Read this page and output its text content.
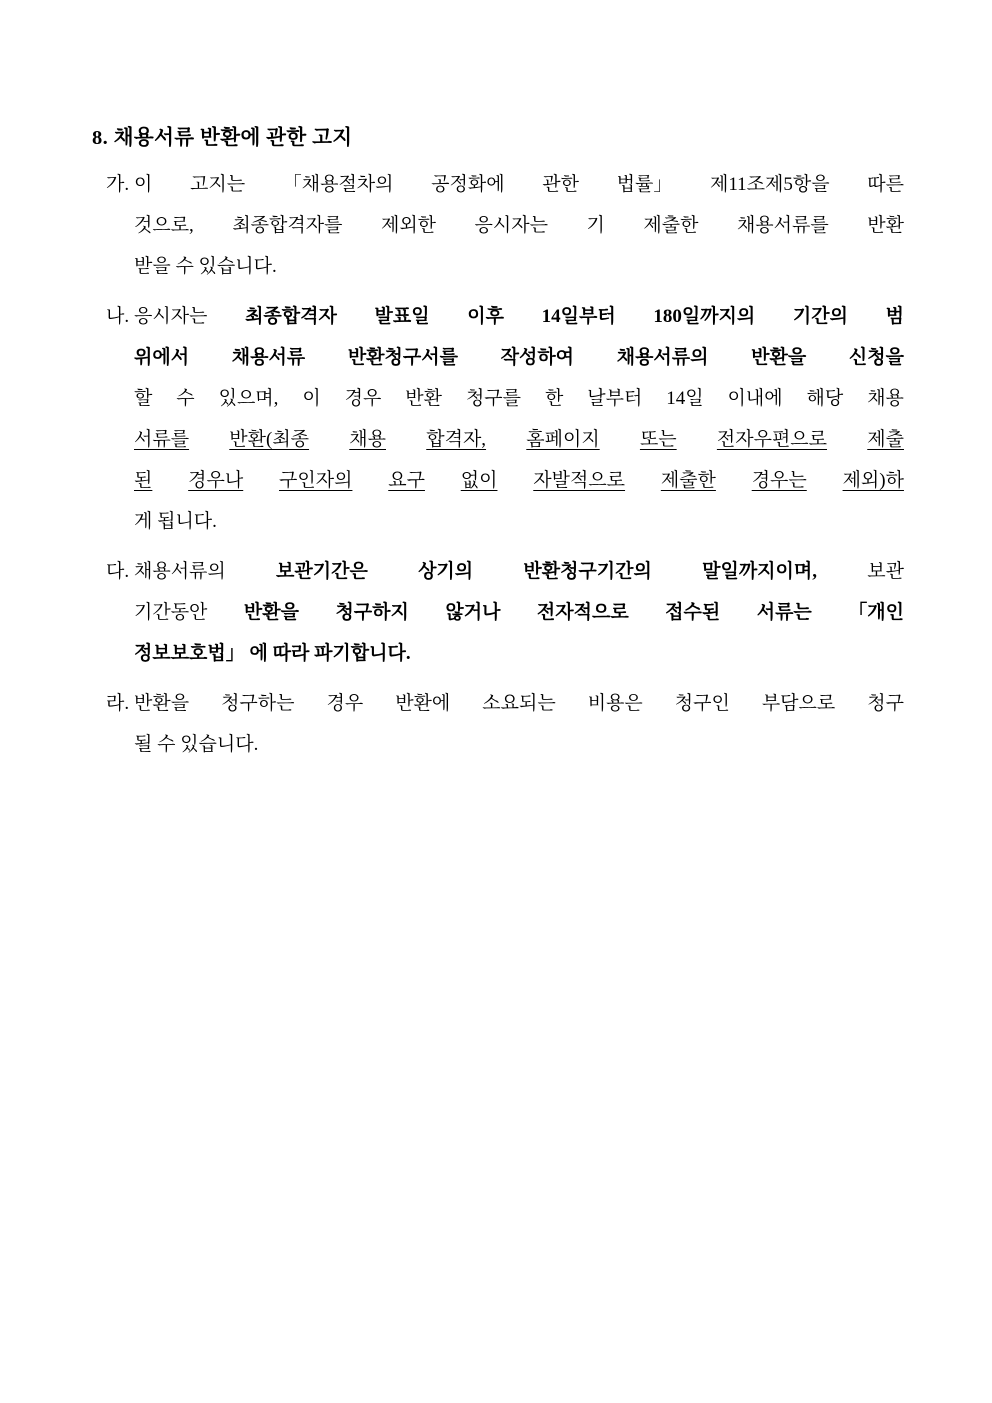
8. 채용서류 반환에 관한 고지
가. 이 고지는 「채용절차의 공정화에 관한 법률」 제11조제5항을 따른
것으로, 최종합격자를 제외한 응시자는 기 제출한 채용서류를 반환
받을 수 있습니다.
나. 응시자는 최종합격자 발표일 이후 14일부터 180일까지의 기간의 범
위에서 채용서류 반환청구서를 작성하여 채용서류의 반환을 신청을
할 수 있으며, 이 경우 반환 청구를 한 날부터 14일 이내에 해당 채용
서류를 반환(최종 채용 합격자, 홈페이지 또는 전자우편으로 제출
된 경우나 구인자의 요구 없이 자발적으로 제출한 경우는 제외)하
게 됩니다.
다. 채용서류의	보관기간은	상기의	반환청구기간의	말일까지이며,	보관
기간동안 반환을 청구하지 않거나 전자적으로 접수된 서류는 「개인
정보보호법」 에 따라 파기합니다.
라. 반환을 청구하는 경우 반환에 소요되는 비용은 청구인 부담으로 청구
될 수 있습니다.
